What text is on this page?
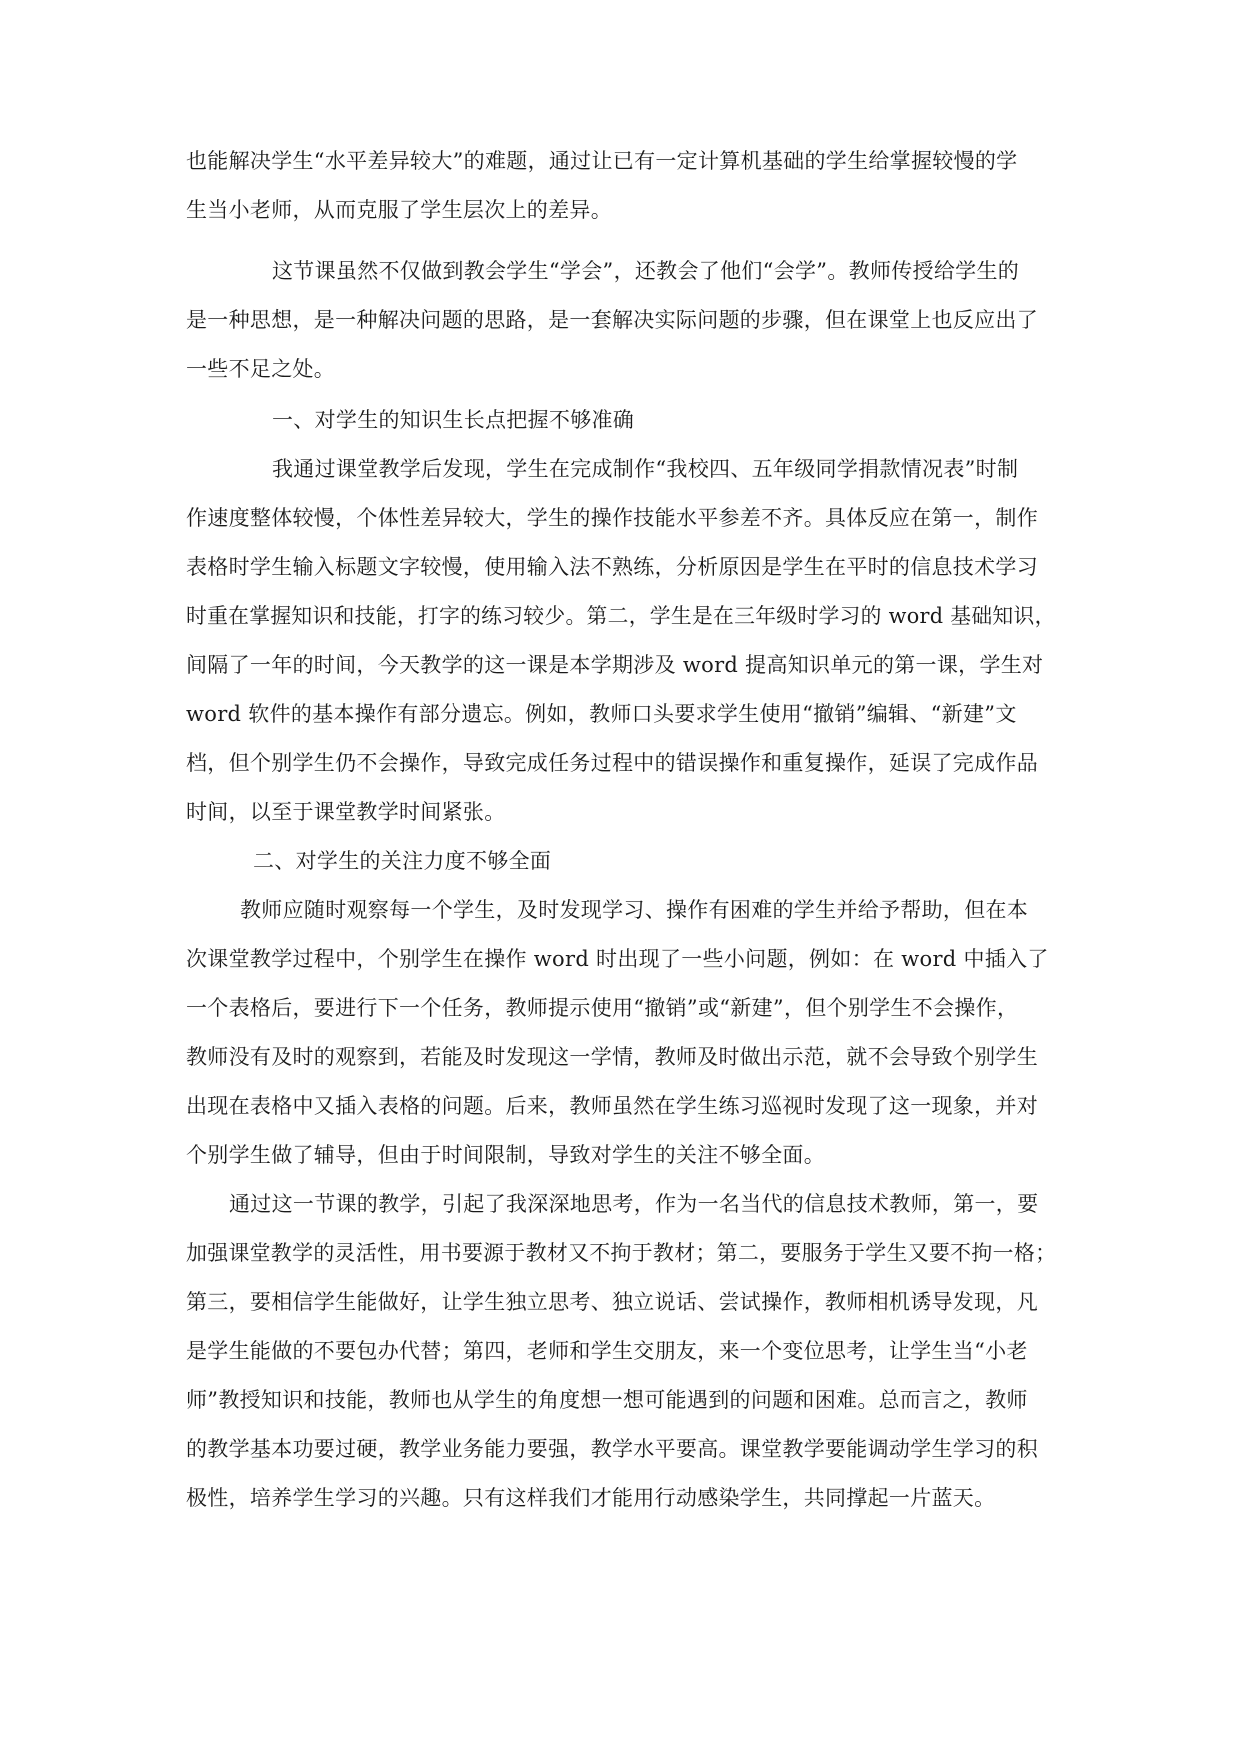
也能解决学生“水平差异较大”的难题，通过让已有一定计算机基础的学生给掌握较慢的学
生当小老师，从而克服了学生层次上的差异。
这节课虽然不仅做到教会学生“学会”，还教会了他们“会学”。教师传授给学生的
是一种思想，是一种解决问题的思路，是一套解决实际问题的步骤，但在课堂上也反应出了
一些不足之处。
一、对学生的知识生长点把握不够准确
我通过课堂教学后发现，学生在完成制作“我校四、五年级同学捐款情况表”时制
作速度整体较慢，个体性差异较大，学生的操作技能水平参差不齐。具体反应在第一，制作
表格时学生输入标题文字较慢，使用输入法不熟练，分析原因是学生在平时的信息技术学习
时重在掌握知识和技能，打字的练习较少。第二，学生是在三年级时学习的 word 基础知识，
间隔了一年的时间，今天教学的这一课是本学期涉及 word 提高知识单元的第一课，学生对
word 软件的基本操作有部分遗忘。例如，教师口头要求学生使用“撤销”编辑、“新建”文
档，但个别学生仍不会操作，导致完成任务过程中的错误操作和重复操作，延误了完成作品
时间，以至于课堂教学时间紧张。
二、对学生的关注力度不够全面
教师应随时观察每一个学生，及时发现学习、操作有困难的学生并给予帮助，但在本
次课堂教学过程中，个别学生在操作 word 时出现了一些小问题，例如：在 word 中插入了
一个表格后，要进行下一个任务，教师提示使用“撤销”或“新建”，但个别学生不会操作，
教师没有及时的观察到，若能及时发现这一学情，教师及时做出示范，就不会导致个别学生
出现在表格中又插入表格的问题。后来，教师虽然在学生练习巡视时发现了这一现象，并对
个别学生做了辅导，但由于时间限制，导致对学生的关注不够全面。
通过这一节课的教学，引起了我深深地思考，作为一名当代的信息技术教师，第一，要
加强课堂教学的灵活性，用书要源于教材又不拘于教材；第二，要服务于学生又要不拘一格；
第三，要相信学生能做好，让学生独立思考、独立说话、尝试操作，教师相机诱导发现，凡
是学生能做的不要包办代替；第四，老师和学生交朋友，来一个变位思考，让学生当“小老
师”教授知识和技能，教师也从学生的角度想一想可能遇到的问题和困难。总而言之，教师
的教学基本功要过硬，教学业务能力要强，教学水平要高。课堂教学要能调动学生学习的积
极性，培养学生学习的兴趣。只有这样我们才能用行动感染学生，共同撑起一片蓝天。
